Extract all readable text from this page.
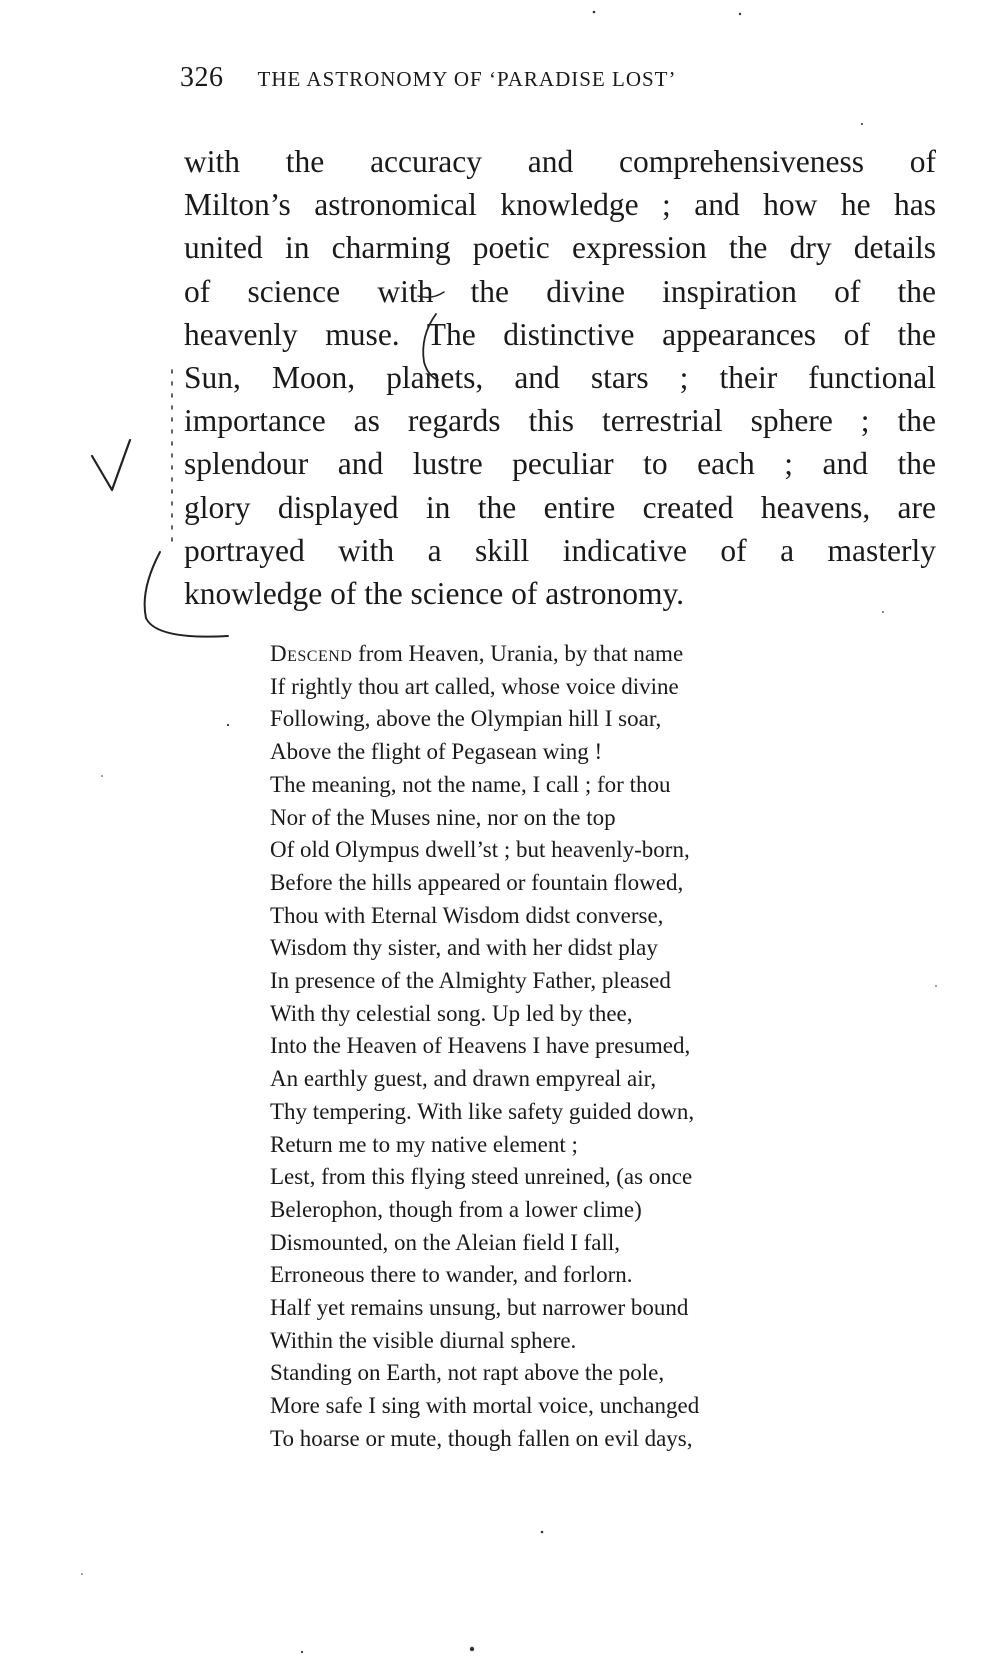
326 THE ASTRONOMY OF ‘PARADISE LOST’
with the accuracy and comprehensiveness of
Milton’s astronomical knowledge ; and how he has
united in charming poetic expression the dry details
of science with the divine inspiration of the
heavenly muse. The distinctive appearances of the
Sun, Moon, planets, and stars ; their functional
importance as regards this terrestrial sphere ; the
splendour and lustre peculiar to each ; and the
glory displayed in the entire created heavens, are
portrayed with a skill indicative of a masterly
knowledge of the science of astronomy.
Descend from Heaven, Urania, by that name
If rightly thou art called, whose voice divine
Following, above the Olympian hill I soar,
Above the flight of Pegasean wing !
The meaning, not the name, I call ; for thou
Nor of the Muses nine, nor on the top
Of old Olympus dwell’st ; but heavenly-born,
Before the hills appeared or fountain flowed,
Thou with Eternal Wisdom didst converse,
Wisdom thy sister, and with her didst play
In presence of the Almighty Father, pleased
With thy celestial song. Up led by thee,
Into the Heaven of Heavens I have presumed,
An earthly guest, and drawn empyreal air,
Thy tempering. With like safety guided down,
Return me to my native element ;
Lest, from this flying steed unreined, (as once
Belerophon, though from a lower clime)
Dismounted, on the Aleian field I fall,
Erroneous there to wander, and forlorn.
Half yet remains unsung, but narrower bound
Within the visible diurnal sphere.
Standing on Earth, not rapt above the pole,
More safe I sing with mortal voice, unchanged
To hoarse or mute, though fallen on evil days,
